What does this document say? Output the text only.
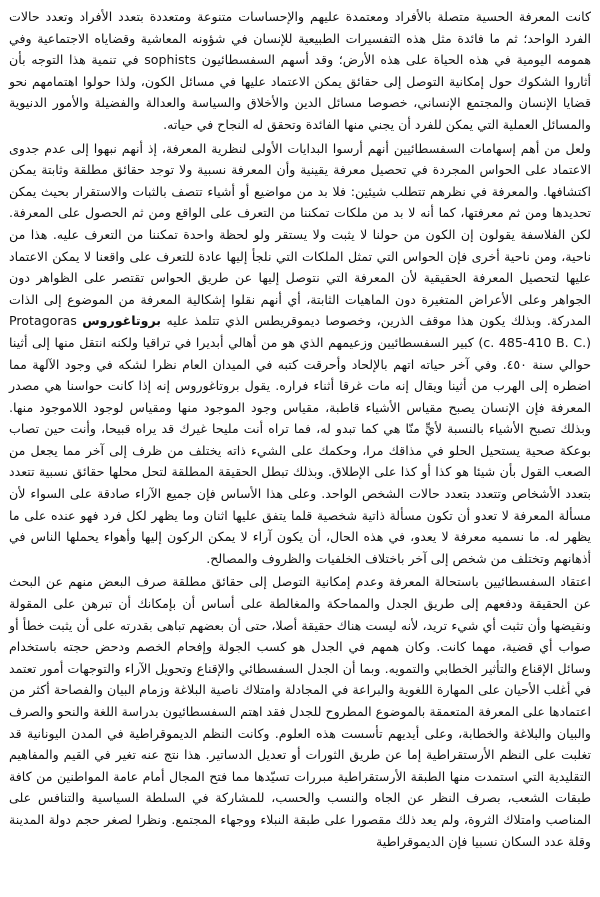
كانت المعرفة الحسية متصلة بالأفراد ومعتمدة عليهم والإحساسات متنوعة ومتعددة بتعدد الأفراد وتعدد حالات الفرد الواحد؛ ثم ما فائدة مثل هذه التفسيرات الطبيعية للإنسان في شؤونه المعاشية وقضاياه الاجتماعية وفي همومه اليومية في هذه الحياة على هذه الأرض؛ وقد أسهم السفسطائيون sophists في تنمية هذا التوجه بأن أثاروا الشكوك حول إمكانية التوصل إلى حقائق يمكن الاعتماد عليها في مسائل الكون، ولذا حولوا اهتمامهم نحو قضايا الإنسان والمجتمع الإنساني، خصوصا مسائل الدين والأخلاق والسياسة والعدالة والفضيلة والأمور الدنيوية والمسائل العملية التي يمكن للفرد أن يجني منها الفائدة وتحقق له النجاح في حياته.

ولعل من أهم إسهامات السفسطائيين أنهم أرسوا البدايات الأولى لنظرية المعرفة، إذ أنهم نبهوا إلى عدم جدوى الاعتماد على الحواس المجردة في تحصيل معرفة يقينية وأن المعرفة نسبية ولا توجد حقائق مطلقة وثابتة يمكن اكتشافها. والمعرفة في نظرهم تتطلب شيئين: فلا بد من مواضيع أو أشياء تتصف بالثبات والاستقرار بحيث يمكن تحديدها ومن ثم معرفتها، كما أنه لا بد من ملكات تمكننا من التعرف على الواقع ومن ثم الحصول على المعرفة. لكن الفلاسفة يقولون إن الكون من حولنا لا يثبت ولا يستقر ولو لحظة واحدة تمكننا من التعرف عليه. هذا من ناحية، ومن ناحية أخرى فإن الحواس التي تمثل الملكات التي نلجأ إليها عادة للتعرف على واقعنا لا يمكن الاعتماد عليها لتحصيل المعرفة الحقيقية لأن المعرفة التي نتوصل إليها عن طريق الحواس تقتصر على الظواهر دون الجواهر وعلى الأعراض المتغيرة دون الماهيات الثابتة، أي أنهم نقلوا إشكالية المعرفة من الموضوع إلى الذات المدركة. وبذلك يكون هذا موقف الذرين، وخصوصا ديموقريطس الذي تتلمذ عليه بروتاغوروس Protagoras (c. 485-410 B. C.) كبير السفسطائيين وزعيمهم الذي هو من أهالي أبديرا في تراقيا ولكنه انتقل منها إلى أثينا حوالي سنة ٤٥٠. وفي آخر حياته اتهم بالإلحاد وأحرقت كتبه في الميدان العام نظرا لشكه في وجود الآلهة مما اضطره إلى الهرب من أثينا ويقال إنه مات غرقا أثناء فراره. يقول بروتاغوروس إنه إذا كانت حواسنا هي مصدر المعرفة فإن الإنسان يصبح مقياس الأشياء قاطبة، مقياس وجود الموجود منها ومقياس لوجود اللاموجود منها. وبذلك تصبح الأشياء بالنسبة لأيٍّ منّا هي كما تبدو له، فما تراه أنت مليحا غيرك قد يراه قبيحا، وأنت حين تصاب بوعكة صحية يستحيل الحلو في مذاقك مرا، وحكمك على الشيء ذاته يختلف من ظرف إلى آخر مما يجعل من الصعب القول بأن شيئا هو كذا أو كذا على الإطلاق. وبذلك تبطل الحقيقة المطلقة لتحل محلها حقائق نسبية تتعدد بتعدد الأشخاص وتتعدد بتعدد حالات الشخص الواحد. وعلى هذا الأساس فإن جميع الآراء صادقة على السواء لأن مسألة المعرفة لا تعدو أن تكون مسألة ذاتية شخصية قلما يتفق عليها اثنان وما يظهر لكل فرد فهو عنده على ما يظهر له. ما نسميه معرفة لا يعدو، في هذه الحال، أن يكون آراء لا يمكن الركون إليها وأهواء يحملها الناس في أذهانهم وتختلف من شخص إلى آخر باختلاف الخلفيات والظروف والمصالح.

اعتقاد السفسطائيين باستحالة المعرفة وعدم إمكانية التوصل إلى حقائق مطلقة صرف البعض منهم عن البحث عن الحقيقة ودفعهم إلى طريق الجدل والمماحكة والمغالطة على أساس أن بإمكانك أن تبرهن على المقولة ونقيضها وأن تثبت أي شيء تريد، لأنه ليست هناك حقيقة أصلا، حتى أن بعضهم تباهى بقدرته على أن يثبت خطأ أو صواب أي قضية، مهما كانت. وكان همهم في الجدل هو كسب الجولة وإفحام الخصم ودحض حجته باستخدام وسائل الإقناع والتأثير الخطابي والتمويه. وبما أن الجدل السفسطائي والإقناع وتحويل الآراء والتوجهات أمور تعتمد في أغلب الأحيان على المهارة اللغوية والبراعة في المجادلة وامتلاك ناصية البلاغة وزمام البيان والفصاحة أكثر من اعتمادها على المعرفة المتعمقة بالموضوع المطروح للجدل فقد اهتم السفسطائيون بدراسة اللغة والنحو والصرف والبيان والبلاغة والخطابة، وعلى أيديهم تأسست هذه العلوم. وكانت النظم الديموقراطية في المدن اليونانية قد تغلبت على النظم الأرستقراطية إما عن طريق الثورات أو تعديل الدساتير. هذا نتج عنه تغير في القيم والمفاهيم التقليدية التي استمدت منها الطبقة الأرستقراطية مبررات تسيّدها مما فتح المجال أمام عامة المواطنين من كافة طبقات الشعب، بصرف النظر عن الجاه والنسب والحسب، للمشاركة في السلطة السياسية والتنافس على المناصب وامتلاك الثروة، ولم يعد ذلك مقصورا على طبقة النبلاء ووجهاء المجتمع. ونظرا لصغر حجم دولة المدينة وقلة عدد السكان نسبيا فإن الديموقراطية
